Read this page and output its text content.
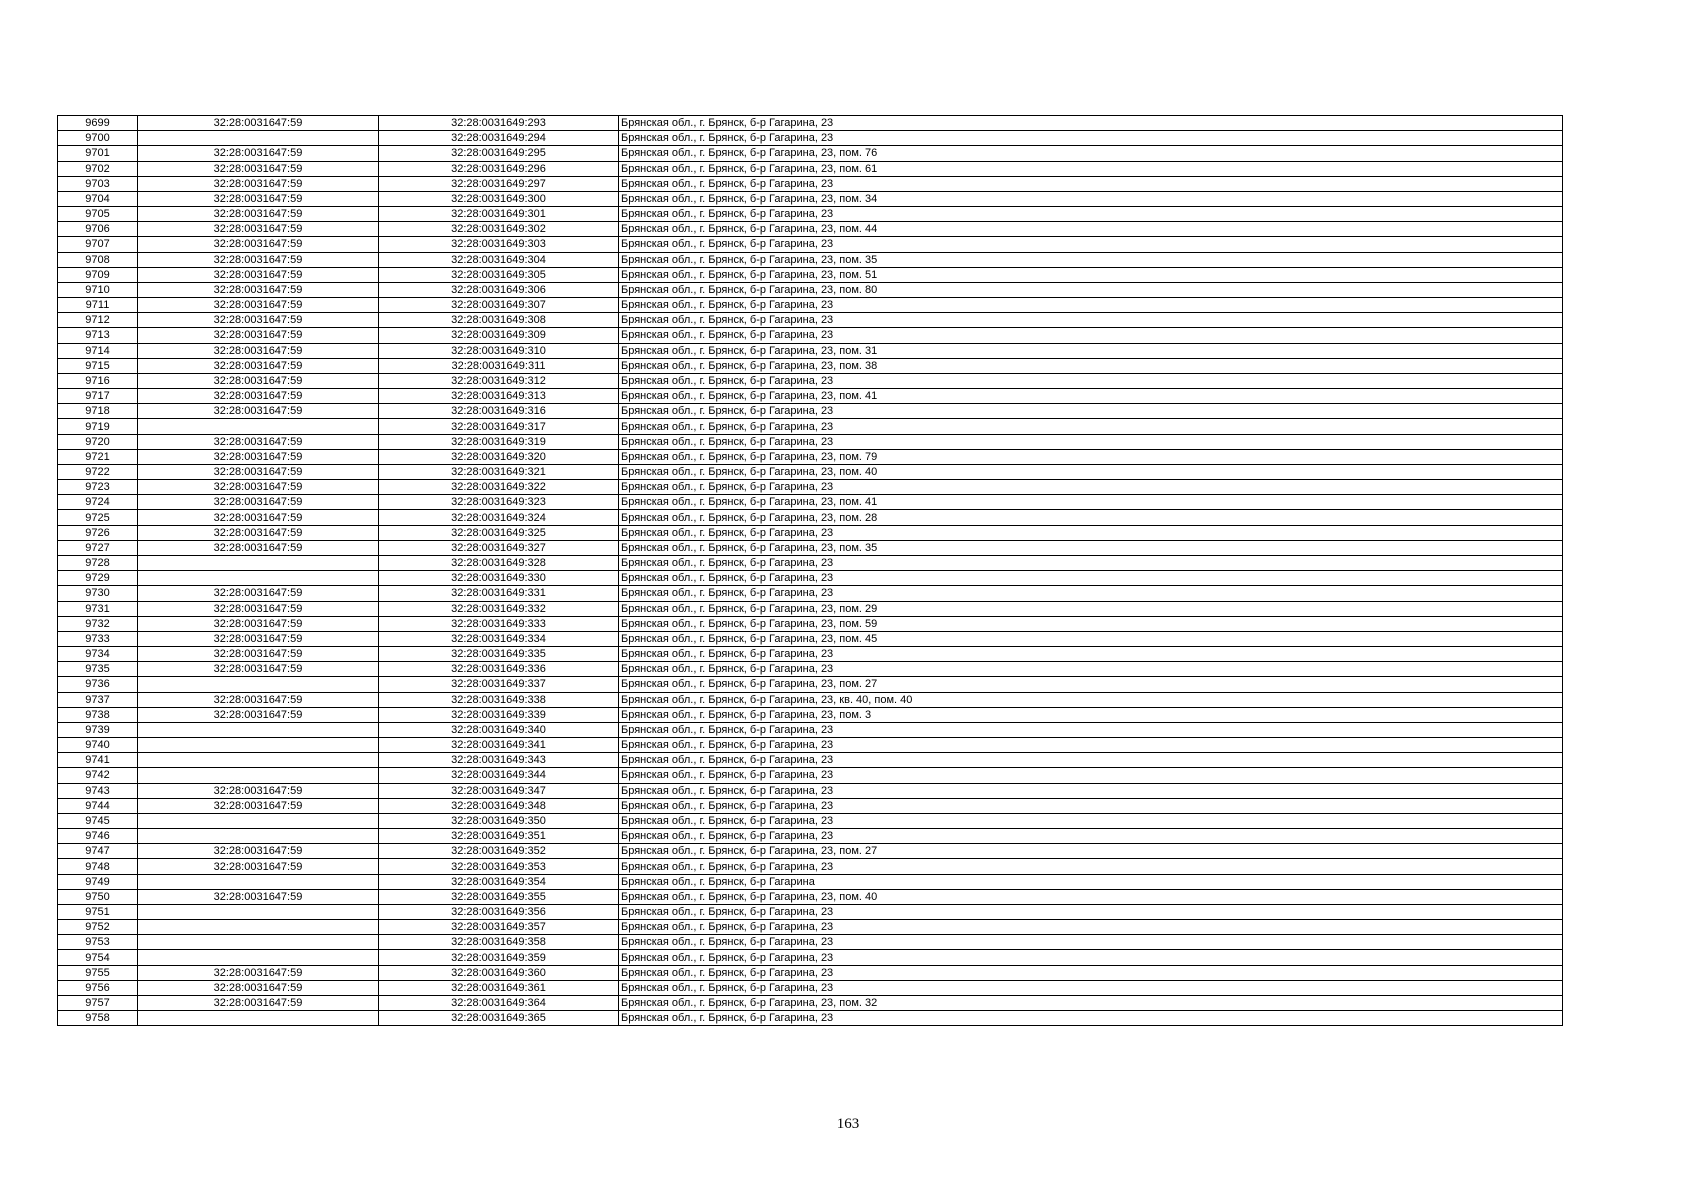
9699	32:28:0031647:59	32:28:0031649:293	Брянская обл., г. Брянск, б-р Гагарина, 23
9700		32:28:0031649:294	Брянская обл., г. Брянск, б-р Гагарина, 23
9701	32:28:0031647:59	32:28:0031649:295	Брянская обл., г. Брянск, б-р Гагарина, 23, пом. 76
9702	32:28:0031647:59	32:28:0031649:296	Брянская обл., г. Брянск, б-р Гагарина, 23, пом. 61
9703	32:28:0031647:59	32:28:0031649:297	Брянская обл., г. Брянск, б-р Гагарина, 23
9704	32:28:0031647:59	32:28:0031649:300	Брянская обл., г. Брянск, б-р Гагарина, 23, пом. 34
9705	32:28:0031647:59	32:28:0031649:301	Брянская обл., г. Брянск, б-р Гагарина, 23
9706	32:28:0031647:59	32:28:0031649:302	Брянская обл., г. Брянск, б-р Гагарина, 23, пом. 44
9707	32:28:0031647:59	32:28:0031649:303	Брянская обл., г. Брянск, б-р Гагарина, 23
9708	32:28:0031647:59	32:28:0031649:304	Брянская обл., г. Брянск, б-р Гагарина, 23, пом. 35
9709	32:28:0031647:59	32:28:0031649:305	Брянская обл., г. Брянск, б-р Гагарина, 23, пом. 51
9710	32:28:0031647:59	32:28:0031649:306	Брянская обл., г. Брянск, б-р Гагарина, 23, пом. 80
9711	32:28:0031647:59	32:28:0031649:307	Брянская обл., г. Брянск, б-р Гагарина, 23
9712	32:28:0031647:59	32:28:0031649:308	Брянская обл., г. Брянск, б-р Гагарина, 23
9713	32:28:0031647:59	32:28:0031649:309	Брянская обл., г. Брянск, б-р Гагарина, 23
9714	32:28:0031647:59	32:28:0031649:310	Брянская обл., г. Брянск, б-р Гагарина, 23, пом. 31
9715	32:28:0031647:59	32:28:0031649:311	Брянская обл., г. Брянск, б-р Гагарина, 23, пом. 38
9716	32:28:0031647:59	32:28:0031649:312	Брянская обл., г. Брянск, б-р Гагарина, 23
9717	32:28:0031647:59	32:28:0031649:313	Брянская обл., г. Брянск, б-р Гагарина, 23, пом. 41
9718	32:28:0031647:59	32:28:0031649:316	Брянская обл., г. Брянск, б-р Гагарина, 23
9719		32:28:0031649:317	Брянская обл., г. Брянск, б-р Гагарина, 23
9720	32:28:0031647:59	32:28:0031649:319	Брянская обл., г. Брянск, б-р Гагарина, 23
9721	32:28:0031647:59	32:28:0031649:320	Брянская обл., г. Брянск, б-р Гагарина, 23, пом. 79
9722	32:28:0031647:59	32:28:0031649:321	Брянская обл., г. Брянск, б-р Гагарина, 23, пом. 40
9723	32:28:0031647:59	32:28:0031649:322	Брянская обл., г. Брянск, б-р Гагарина, 23
9724	32:28:0031647:59	32:28:0031649:323	Брянская обл., г. Брянск, б-р Гагарина, 23, пом. 41
9725	32:28:0031647:59	32:28:0031649:324	Брянская обл., г. Брянск, б-р Гагарина, 23, пом. 28
9726	32:28:0031647:59	32:28:0031649:325	Брянская обл., г. Брянск, б-р Гагарина, 23
9727	32:28:0031647:59	32:28:0031649:327	Брянская обл., г. Брянск, б-р Гагарина, 23, пом. 35
9728		32:28:0031649:328	Брянская обл., г. Брянск, б-р Гагарина, 23
9729		32:28:0031649:330	Брянская обл., г. Брянск, б-р Гагарина, 23
9730	32:28:0031647:59	32:28:0031649:331	Брянская обл., г. Брянск, б-р Гагарина, 23
9731	32:28:0031647:59	32:28:0031649:332	Брянская обл., г. Брянск, б-р Гагарина, 23, пом. 29
9732	32:28:0031647:59	32:28:0031649:333	Брянская обл., г. Брянск, б-р Гагарина, 23, пом. 59
9733	32:28:0031647:59	32:28:0031649:334	Брянская обл., г. Брянск, б-р Гагарина, 23, пом. 45
9734	32:28:0031647:59	32:28:0031649:335	Брянская обл., г. Брянск, б-р Гагарина, 23
9735	32:28:0031647:59	32:28:0031649:336	Брянская обл., г. Брянск, б-р Гагарина, 23
9736		32:28:0031649:337	Брянская обл., г. Брянск, б-р Гагарина, 23, пом. 27
9737	32:28:0031647:59	32:28:0031649:338	Брянская обл., г. Брянск, б-р Гагарина, 23, кв. 40, пом. 40
9738	32:28:0031647:59	32:28:0031649:339	Брянская обл., г. Брянск, б-р Гагарина, 23, пом. 3
9739		32:28:0031649:340	Брянская обл., г. Брянск, б-р Гагарина, 23
9740		32:28:0031649:341	Брянская обл., г. Брянск, б-р Гагарина, 23
9741		32:28:0031649:343	Брянская обл., г. Брянск, б-р Гагарина, 23
9742		32:28:0031649:344	Брянская обл., г. Брянск, б-р Гагарина, 23
9743	32:28:0031647:59	32:28:0031649:347	Брянская обл., г. Брянск, б-р Гагарина, 23
9744	32:28:0031647:59	32:28:0031649:348	Брянская обл., г. Брянск, б-р Гагарина, 23
9745		32:28:0031649:350	Брянская обл., г. Брянск, б-р Гагарина, 23
9746		32:28:0031649:351	Брянская обл., г. Брянск, б-р Гагарина, 23
9747	32:28:0031647:59	32:28:0031649:352	Брянская обл., г. Брянск, б-р Гагарина, 23, пом. 27
9748	32:28:0031647:59	32:28:0031649:353	Брянская обл., г. Брянск, б-р Гагарина, 23
9749		32:28:0031649:354	Брянская обл., г. Брянск, б-р Гагарина
9750	32:28:0031647:59	32:28:0031649:355	Брянская обл., г. Брянск, б-р Гагарина, 23, пом. 40
9751		32:28:0031649:356	Брянская обл., г. Брянск, б-р Гагарина, 23
9752		32:28:0031649:357	Брянская обл., г. Брянск, б-р Гагарина, 23
9753		32:28:0031649:358	Брянская обл., г. Брянск, б-р Гагарина, 23
9754		32:28:0031649:359	Брянская обл., г. Брянск, б-р Гагарина, 23
9755	32:28:0031647:59	32:28:0031649:360	Брянская обл., г. Брянск, б-р Гагарина, 23
9756	32:28:0031647:59	32:28:0031649:361	Брянская обл., г. Брянск, б-р Гагарина, 23
9757	32:28:0031647:59	32:28:0031649:364	Брянская обл., г. Брянск, б-р Гагарина, 23, пом. 32
9758		32:28:0031649:365	Брянская обл., г. Брянск, б-р Гагарина, 23
163
